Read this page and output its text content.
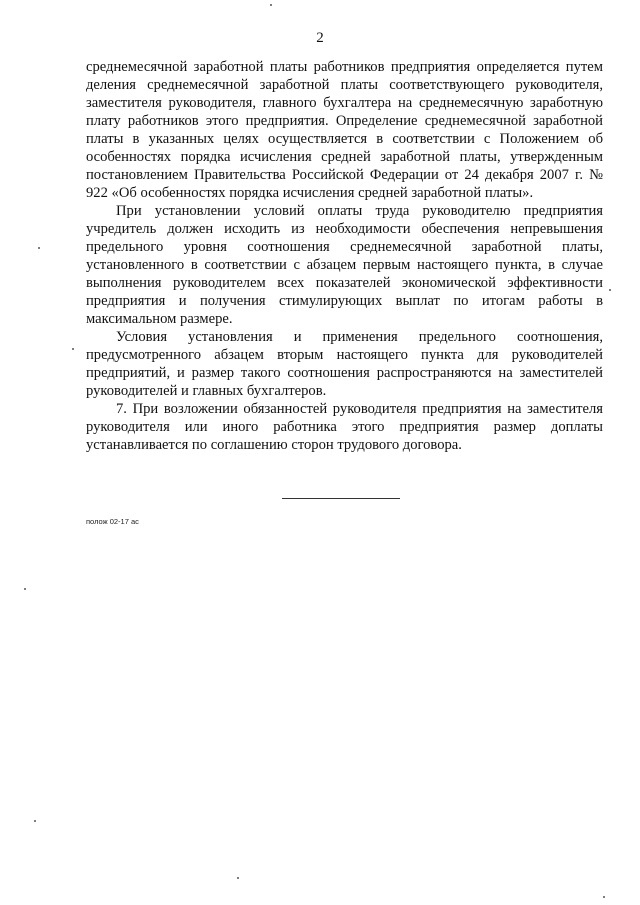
2

среднемесячной заработной платы работников предприятия определяется путем деления среднемесячной заработной платы соответствующего руководителя, заместителя руководителя, главного бухгалтера на среднемесячную заработную плату работников этого предприятия. Определение среднемесячной заработной платы в указанных целях осуществляется в соответствии с Положением об особенностях порядка исчисления средней заработной платы, утвержденным постановлением Правительства Российской Федерации от 24 декабря 2007 г. № 922 «Об особенностях порядка исчисления средней заработной платы».

При установлении условий оплаты труда руководителю предприятия учредитель должен исходить из необходимости обеспечения непревышения предельного уровня соотношения среднемесячной заработной платы, установленного в соответствии с абзацем первым настоящего пункта, в случае выполнения руководителем всех показателей экономической эффективности предприятия и получения стимулирующих выплат по итогам работы в максимальном размере.

Условия установления и применения предельного соотношения, предусмотренного абзацем вторым настоящего пункта для руководителей предприятий, и размер такого соотношения распространяются на заместителей руководителей и главных бухгалтеров.

7. При возложении обязанностей руководителя предприятия на заместителя руководителя или иного работника этого предприятия размер доплаты устанавливается по соглашению сторон трудового договора.

полож 02-17 ас
